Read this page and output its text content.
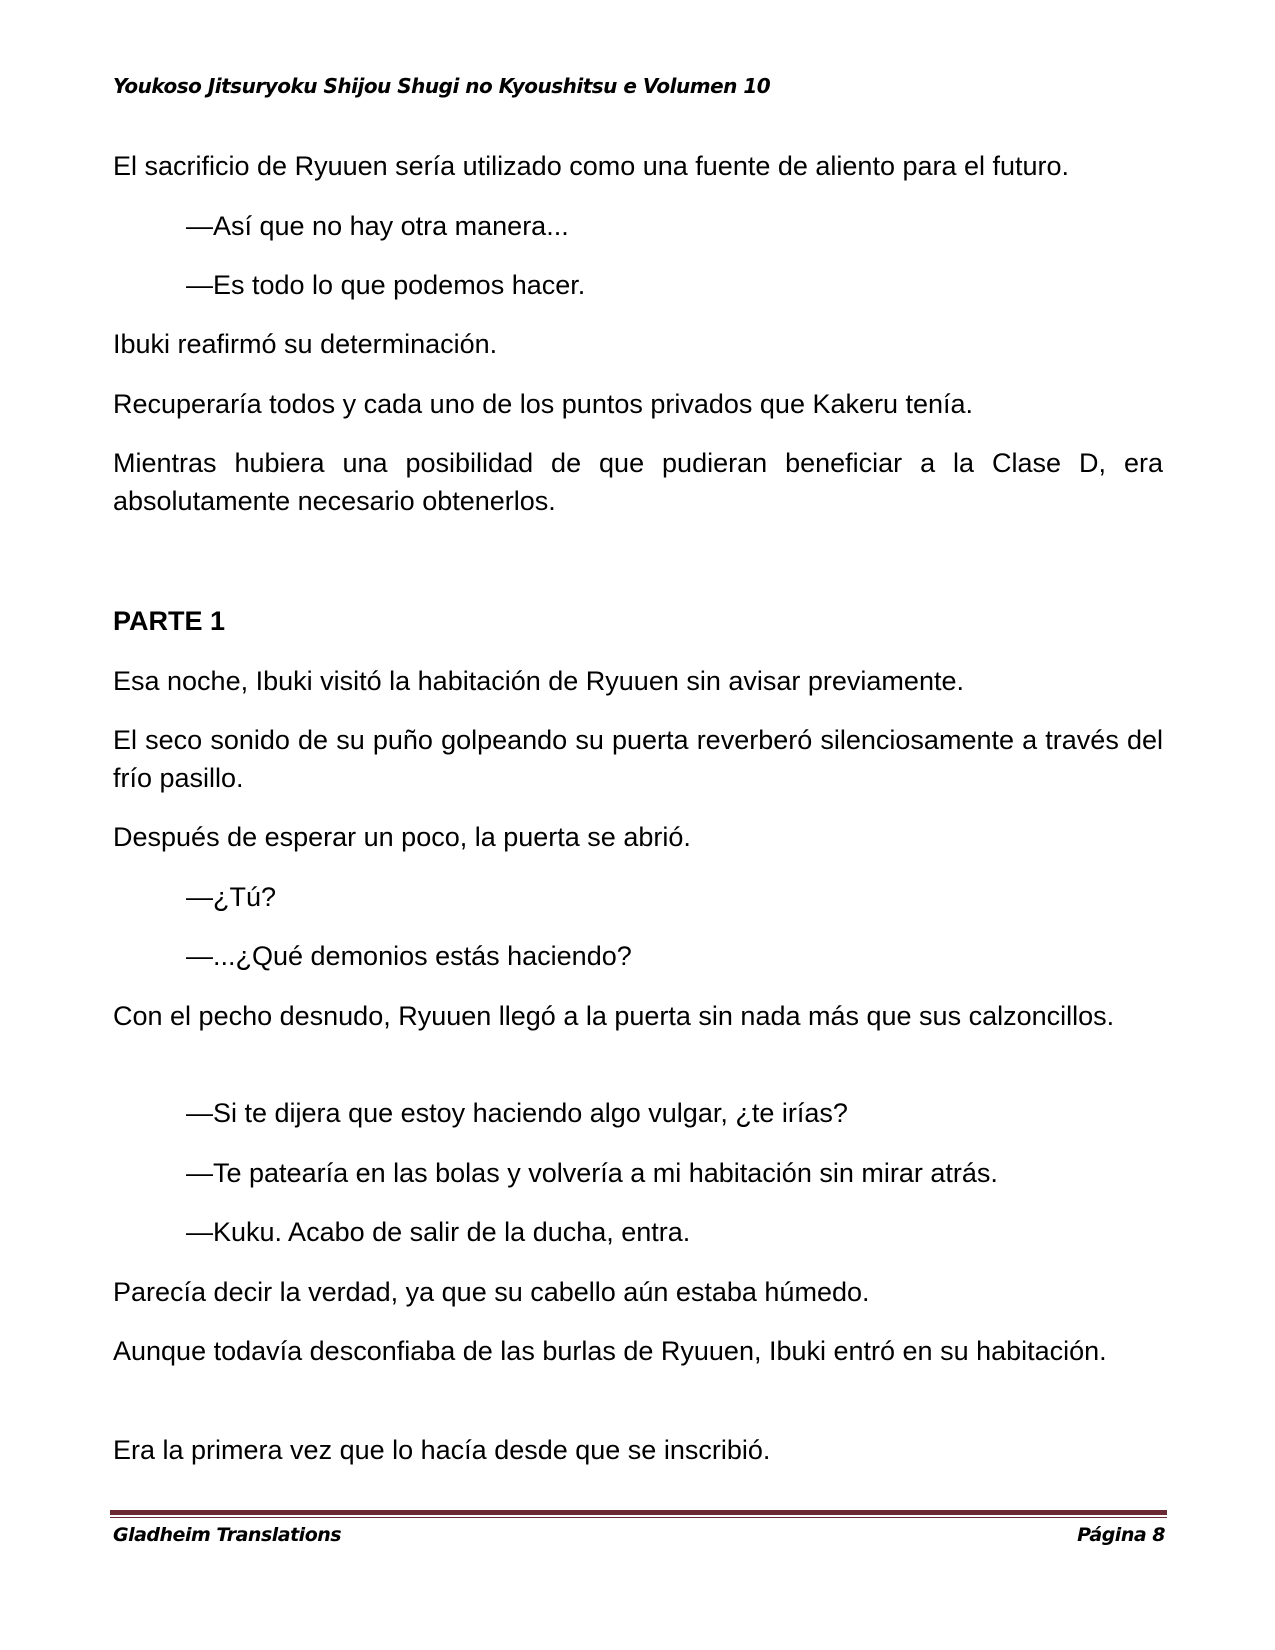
Youkoso Jitsuryoku Shijou Shugi no Kyoushitsu e Volumen 10
El sacrificio de Ryuuen sería utilizado como una fuente de aliento para el futuro.
—Así que no hay otra manera...
—Es todo lo que podemos hacer.
Ibuki reafirmó su determinación.
Recuperaría todos y cada uno de los puntos privados que Kakeru tenía.
Mientras hubiera una posibilidad de que pudieran beneficiar a la Clase D, era absolutamente necesario obtenerlos.
PARTE 1
Esa noche, Ibuki visitó la habitación de Ryuuen sin avisar previamente.
El seco sonido de su puño golpeando su puerta reverberó silenciosamente a través del frío pasillo.
Después de esperar un poco, la puerta se abrió.
—¿Tú?
—...¿Qué demonios estás haciendo?
Con el pecho desnudo, Ryuuen llegó a la puerta sin nada más que sus calzoncillos.
—Si te dijera que estoy haciendo algo vulgar, ¿te irías?
—Te patearía en las bolas y volvería a mi habitación sin mirar atrás.
—Kuku. Acabo de salir de la ducha, entra.
Parecía decir la verdad, ya que su cabello aún estaba húmedo.
Aunque todavía desconfiaba de las burlas de Ryuuen, Ibuki entró en su habitación.
Era la primera vez que lo hacía desde que se inscribió.
Gladheim Translations	Página 8
